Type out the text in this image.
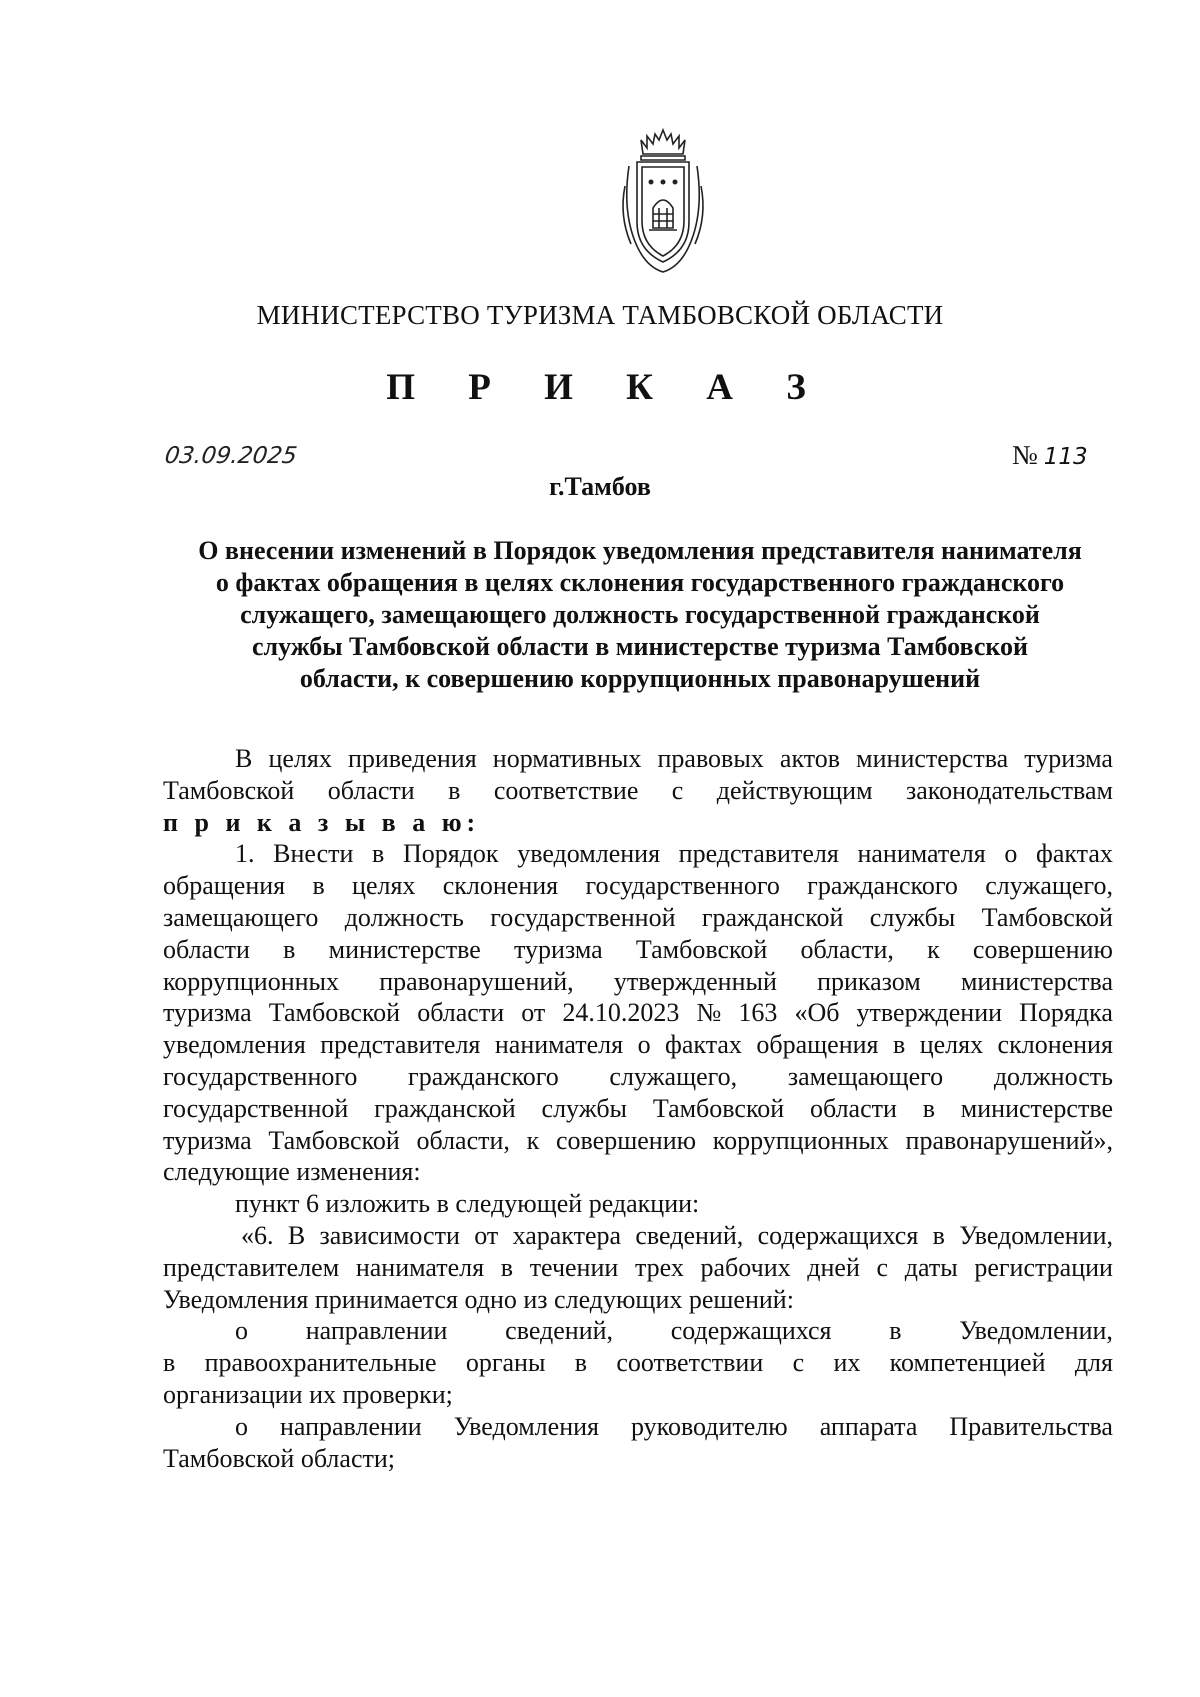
МИНИСТЕРСТВО ТУРИЗМА ТАМБОВСКОЙ ОБЛАСТИ
П Р И К А З
03.09.2025	№ 113
г.Тамбов
О внесении изменений в Порядок уведомления представителя нанимателя
о фактах обращения в целях склонения государственного гражданского
служащего, замещающего должность государственной гражданской
службы Тамбовской области в министерстве туризма Тамбовской
области, к совершению коррупционных правонарушений
В целях приведения нормативных правовых актов министерства туризма
Тамбовской области в соответствие с действующим законодательствам
п р и к а з ы в а ю:
1. Внести в Порядок уведомления представителя нанимателя о фактах
обращения в целях склонения государственного гражданского служащего,
замещающего должность государственной гражданской службы Тамбовской
области в министерстве туризма Тамбовской области, к совершению
коррупционных правонарушений, утвержденный приказом министерства
туризма Тамбовской области от 24.10.2023 № 163 «Об утверждении Порядка
уведомления представителя нанимателя о фактах обращения в целях склонения
государственного гражданского служащего, замещающего должность
государственной гражданской службы Тамбовской области в министерстве
туризма Тамбовской области, к совершению коррупционных правонарушений»,
следующие изменения:
пункт 6 изложить в следующей редакции:
«6. В зависимости от характера сведений, содержащихся в Уведомлении,
представителем нанимателя в течении трех рабочих дней с даты регистрации
Уведомления принимается одно из следующих решений:
о направлении сведений, содержащихся в Уведомлении,
в правоохранительные органы в соответствии с их компетенцией для
организации их проверки;
о направлении Уведомления руководителю аппарата Правительства
Тамбовской области;
